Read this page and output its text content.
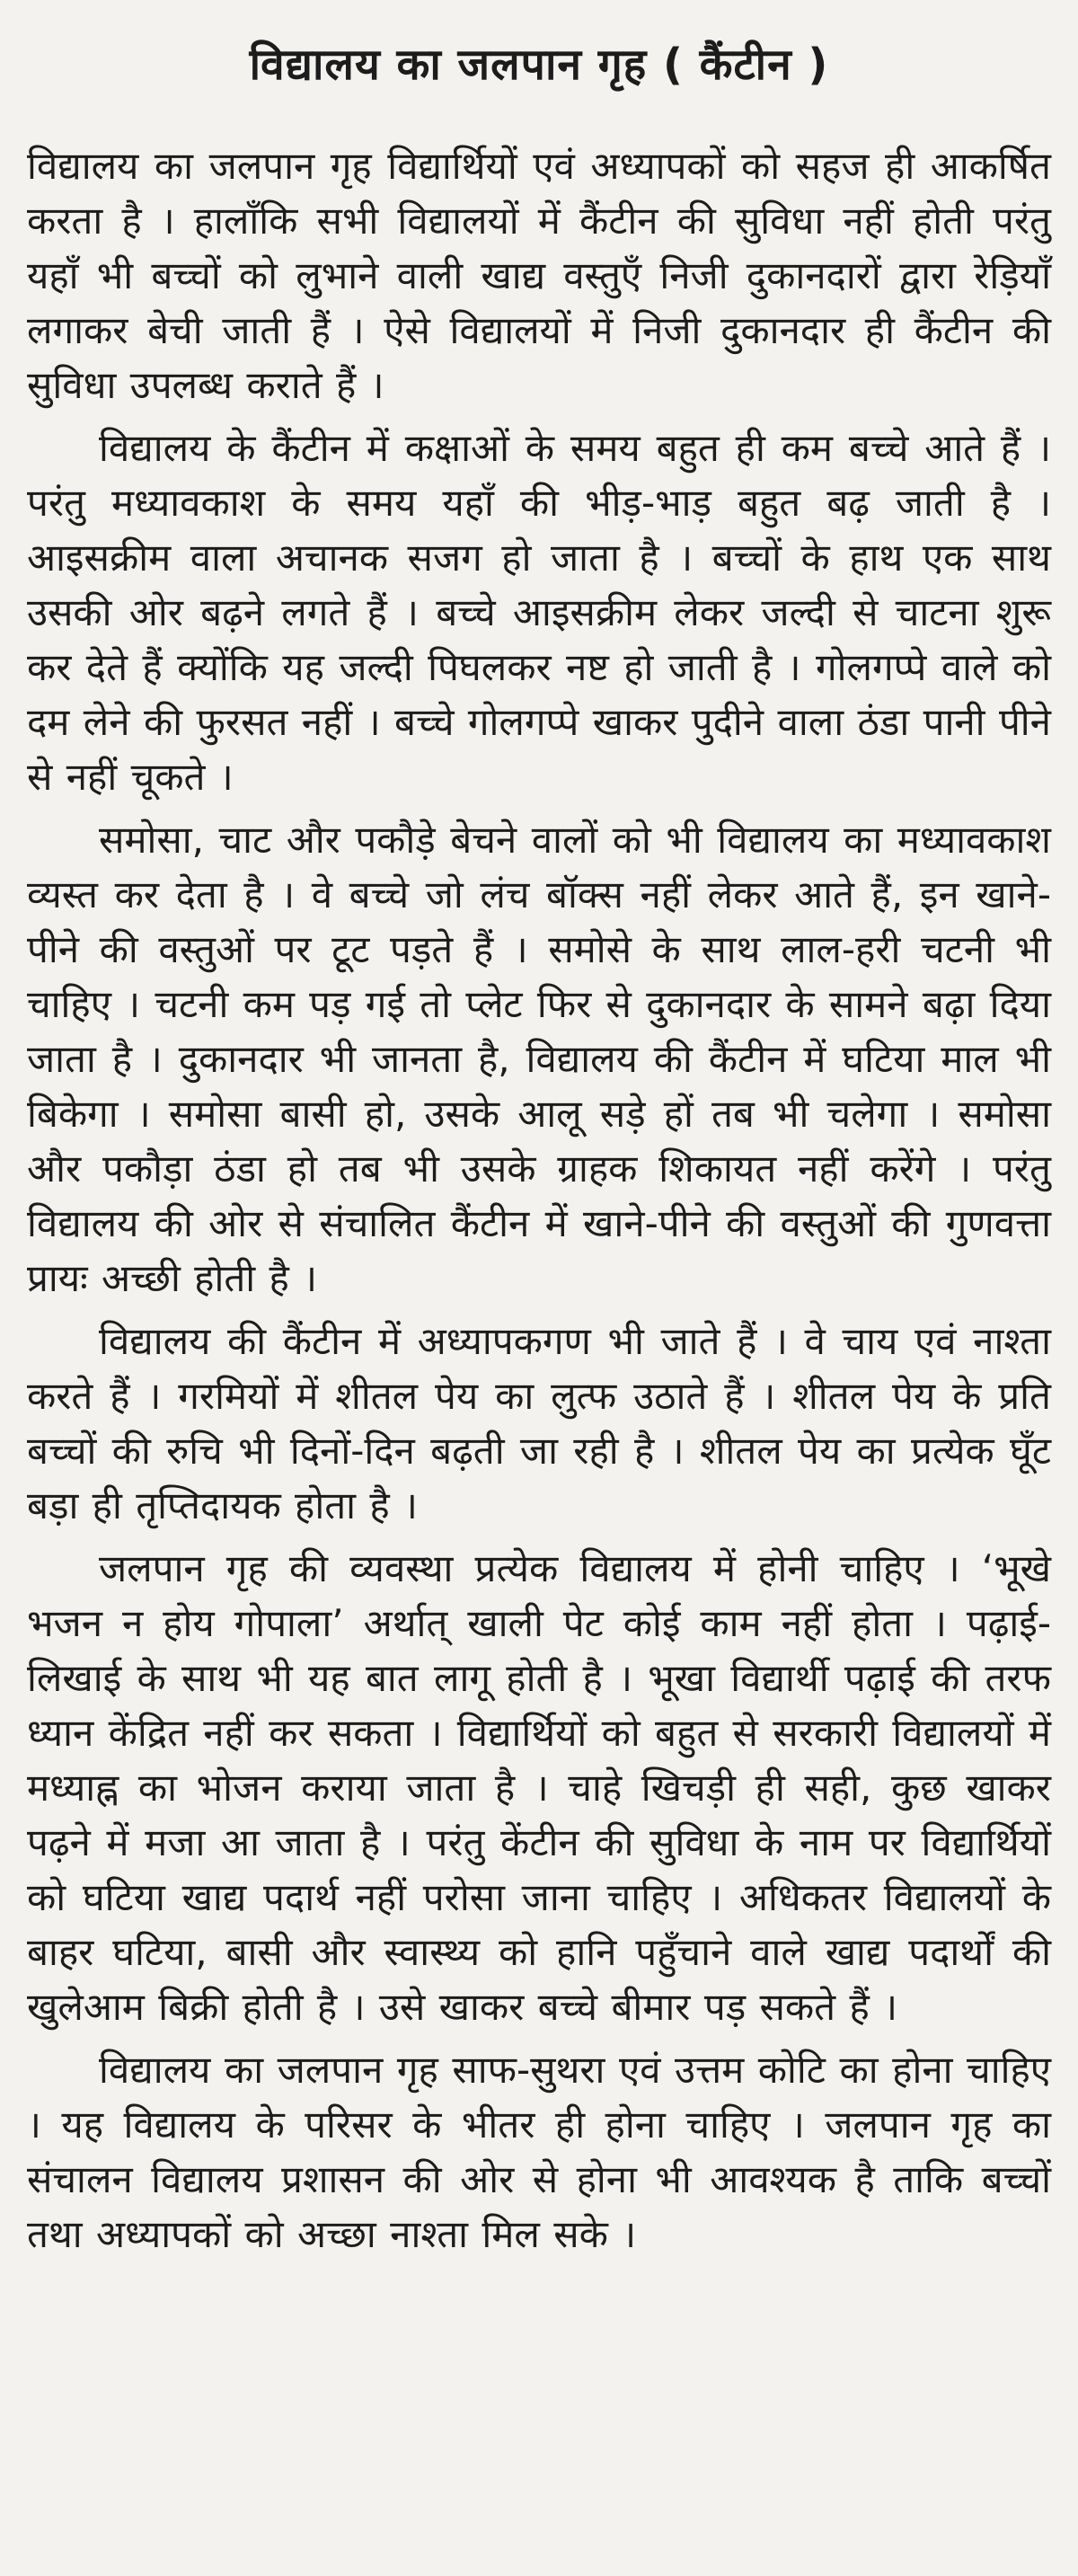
विद्यालय का जलपान गृह ( कैंटीन )

विद्यालय का जलपान गृह विद्यार्थियों एवं अध्यापकों को सहज ही आकर्षित करता है । हालाँकि सभी विद्यालयों में कैंटीन की सुविधा नहीं होती परंतु यहाँ भी बच्चों को लुभाने वाली खाद्य वस्तुएँ निजी दुकानदारों द्वारा रेड़ियाँ लगाकर बेची जाती हैं । ऐसे विद्यालयों में निजी दुकानदार ही कैंटीन की सुविधा उपलब्ध कराते हैं ।

विद्यालय के कैंटीन में कक्षाओं के समय बहुत ही कम बच्चे आते हैं । परंतु मध्यावकाश के समय यहाँ की भीड़-भाड़ बहुत बढ़ जाती है । आइसक्रीम वाला अचानक सजग हो जाता है । बच्चों के हाथ एक साथ उसकी ओर बढ़ने लगते हैं । बच्चे आइसक्रीम लेकर जल्दी से चाटना शुरू कर देते हैं क्योंकि यह जल्दी पिघलकर नष्ट हो जाती है । गोलगप्पे वाले को दम लेने की फुरसत नहीं । बच्चे गोलगप्पे खाकर पुदीने वाला ठंडा पानी पीने से नहीं चूकते ।

समोसा, चाट और पकौड़े बेचने वालों को भी विद्यालय का मध्यावकाश व्यस्त कर देता है । वे बच्चे जो लंच बॉक्स नहीं लेकर आते हैं, इन खाने-पीने की वस्तुओं पर टूट पड़ते हैं । समोसे के साथ लाल-हरी चटनी भी चाहिए । चटनी कम पड़ गई तो प्लेट फिर से दुकानदार के सामने बढ़ा दिया जाता है । दुकानदार भी जानता है, विद्यालय की कैंटीन में घटिया माल भी बिकेगा । समोसा बासी हो, उसके आलू सड़े हों तब भी चलेगा । समोसा और पकौड़ा ठंडा हो तब भी उसके ग्राहक शिकायत नहीं करेंगे । परंतु विद्यालय की ओर से संचालित कैंटीन में खाने-पीने की वस्तुओं की गुणवत्ता प्रायः अच्छी होती है ।

विद्यालय की कैंटीन में अध्यापकगण भी जाते हैं । वे चाय एवं नाश्ता करते हैं । गरमियों में शीतल पेय का लुत्फ उठाते हैं । शीतल पेय के प्रति बच्चों की रुचि भी दिनों-दिन बढ़ती जा रही है । शीतल पेय का प्रत्येक घूँट बड़ा ही तृप्तिदायक होता है ।

जलपान गृह की व्यवस्था प्रत्येक विद्यालय में होनी चाहिए । ‘भूखे भजन न होय गोपाला’ अर्थात् खाली पेट कोई काम नहीं होता । पढ़ाई-लिखाई के साथ भी यह बात लागू होती है । भूखा विद्यार्थी पढ़ाई की तरफ ध्यान केंद्रित नहीं कर सकता । विद्यार्थियों को बहुत से सरकारी विद्यालयों में मध्याह्न का भोजन कराया जाता है । चाहे खिचड़ी ही सही, कुछ खाकर पढ़ने में मजा आ जाता है । परंतु केंटीन की सुविधा के नाम पर विद्यार्थियों को घटिया खाद्य पदार्थ नहीं परोसा जाना चाहिए । अधिकतर विद्यालयों के बाहर घटिया, बासी और स्वास्थ्य को हानि पहुँचाने वाले खाद्य पदार्थों की खुलेआम बिक्री होती है । उसे खाकर बच्चे बीमार पड़ सकते हैं ।

विद्यालय का जलपान गृह साफ-सुथरा एवं उत्तम कोटि का होना चाहिए । यह विद्यालय के परिसर के भीतर ही होना चाहिए । जलपान गृह का संचालन विद्यालय प्रशासन की ओर से होना भी आवश्यक है ताकि बच्चों तथा अध्यापकों को अच्छा नाश्ता मिल सके ।
